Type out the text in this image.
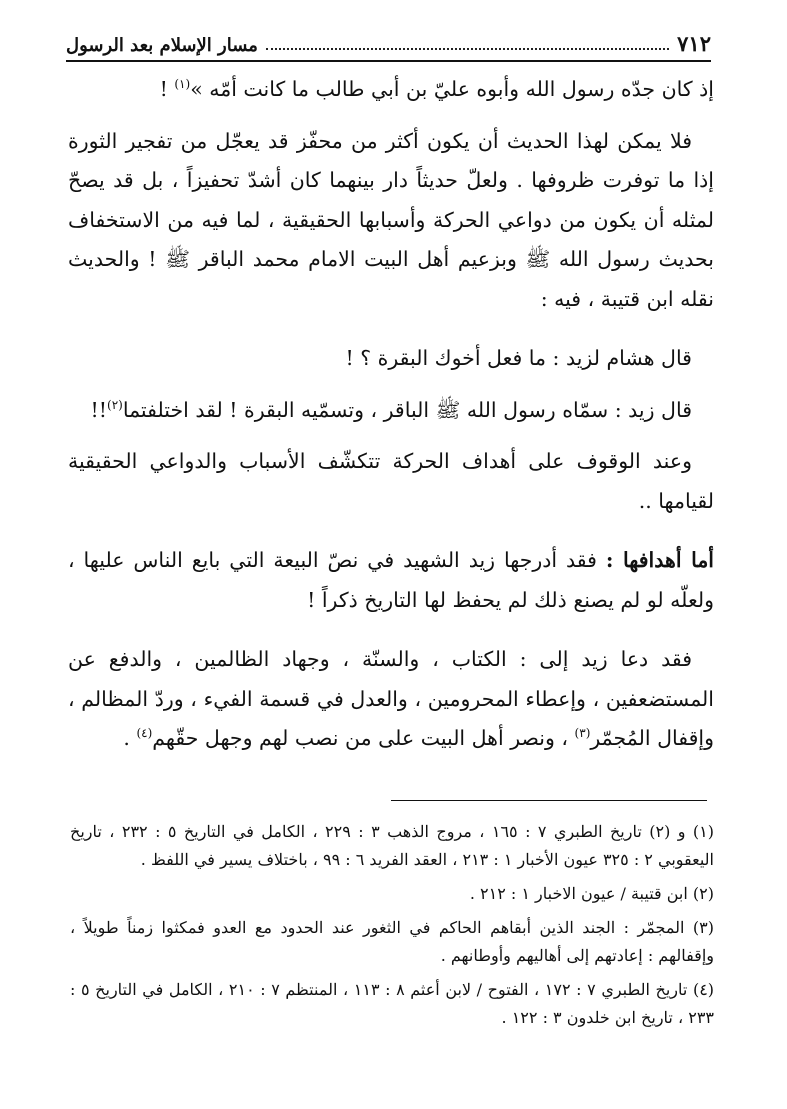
٧١٢
مسار الإسلام بعد الرسول

إذ كان جدّه رسول الله وأبوه عليّ بن أبي طالب ما كانت أمّه »$^{(١)}$ !

فلا يمكن لهذا الحديث أن يكون أكثر من محفّز قد يعجّل من تفجير الثورة إذا ما توفرت ظروفها . ولعلّ حديثاً دار بينهما كان أشدّ تحفيزاً ، بل قد يصحّ لمثله أن يكون من دواعي الحركة وأسبابها الحقيقية ، لما فيه من الاستخفاف بحديث رسول الله ﷺ وبزعيم أهل البيت الامام محمد الباقر ﷺ ! والحديث نقله ابن قتيبة ، فيه :

قال هشام لزيد : ما فعل أخوك البقرة ؟ !

قال زيد : سمّاه رسول الله ﷺ الباقر ، وتسمّيه البقرة ! لقد اختلفتما$^{(٢)}$!!

وعند الوقوف على أهداف الحركة تتكشّف الأسباب والدواعي الحقيقية لقيامها ..

أما أهدافها : فقد أدرجها زيد الشهيد في نصّ البيعة التي بايع الناس عليها ، ولعلّه لو لم يصنع ذلك لم يحفظ لها التاريخ ذكراً !

فقد دعا زيد إلى : الكتاب ، والسنّة ، وجهاد الظالمين ، والدفع عن المستضعفين ، وإعطاء المحرومين ، والعدل في قسمة الفيء ، وردّ المظالم ، وإقفال المُجمّر$^{(٣)}$ ، ونصر أهل البيت على من نصب لهم وجهل حقّهم$^{(٤)}$ .

(١) و (٢) تاريخ الطبري ٧ : ١٦٥ ، مروج الذهب ٣ : ٢٢٩ ، الكامل في التاريخ ٥ : ٢٣٢ ، تاريخ اليعقوبي ٢ : ٣٢٥ عيون الأخبار ١ : ٢١٣ ، العقد الفريد ٦ : ٩٩ ، باختلاف يسير في اللفظ .

(٢) ابن قتيبة / عيون الاخبار ١ : ٢١٢ .

(٣) المجمّر : الجند الذين أبقاهم الحاكم في الثغور عند الحدود مع العدو فمكثوا زمناً طويلاً ، وإقفالهم : إعادتهم إلى أهاليهم وأوطانهم .

(٤) تاريخ الطبري ٧ : ١٧٢ ، الفتوح / لابن أعثم ٨ : ١١٣ ، المنتظم ٧ : ٢١٠ ، الكامل في التاريخ ٥ : ٢٣٣ ، تاريخ ابن خلدون ٣ : ١٢٢ .
